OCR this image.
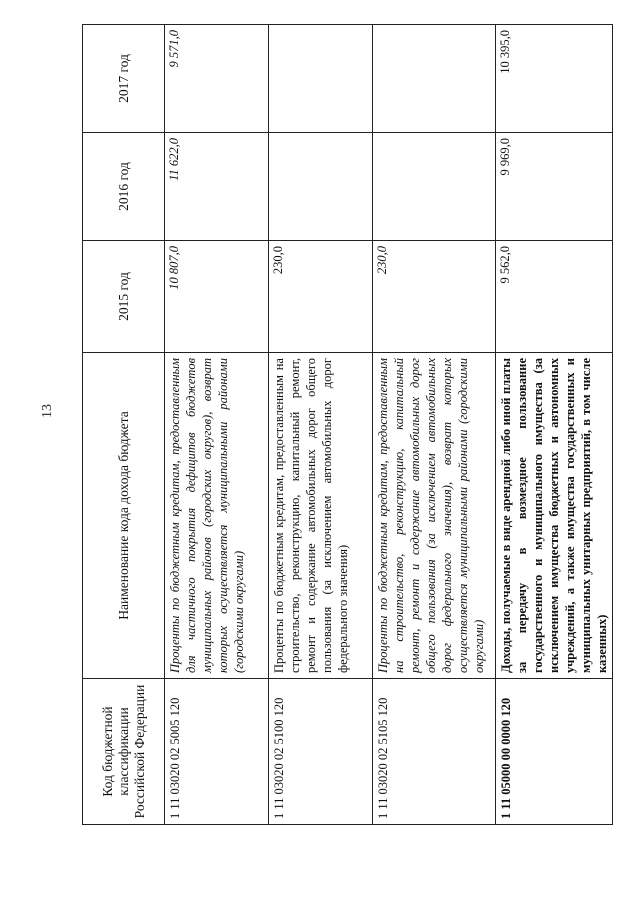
13
Код бюджетной классификации Российской Федерации	Наименование кода дохода бюджета	2015 год	2016 год	2017 год
1 11 03020 02 5005 120	Проценты по бюджетным кредитам, предоставленным для частичного покрытия дефицитов бюджетов муниципальных районов (городских округов), возврат которых осуществляется муниципальными районами (городскими округами)	10 807,0	11 622,0	9 571,0
1 11 03020 02 5100 120	Проценты по бюджетным кредитам, предоставленным на строительство, реконструкцию, капитальный ремонт, ремонт и содержание автомобильных дорог общего пользования (за исключением автомобильных дорог федерального значения)	230,0		

1 11 03020 02 5105 120	Проценты по бюджетным кредитам, предоставленным на строительство, реконструкцию, капитальный ремонт, ремонт и содержание автомобильных дорог общего пользования (за исключением автомобильных дорог федерального значения), возврат которых осуществляется муниципальными районами (городскими округами)	230,0		
1 11 05000 00 0000 120	Доходы, получаемые в виде арендной либо иной платы за передачу в возмездное пользование государственного и муниципального имущества (за исключением имущества бюджетных и автономных учреждений, а также имущества государственных и муниципальных унитарных предприятий, в том числе казенных)	9 562,0	9 969,0	10 395,0
